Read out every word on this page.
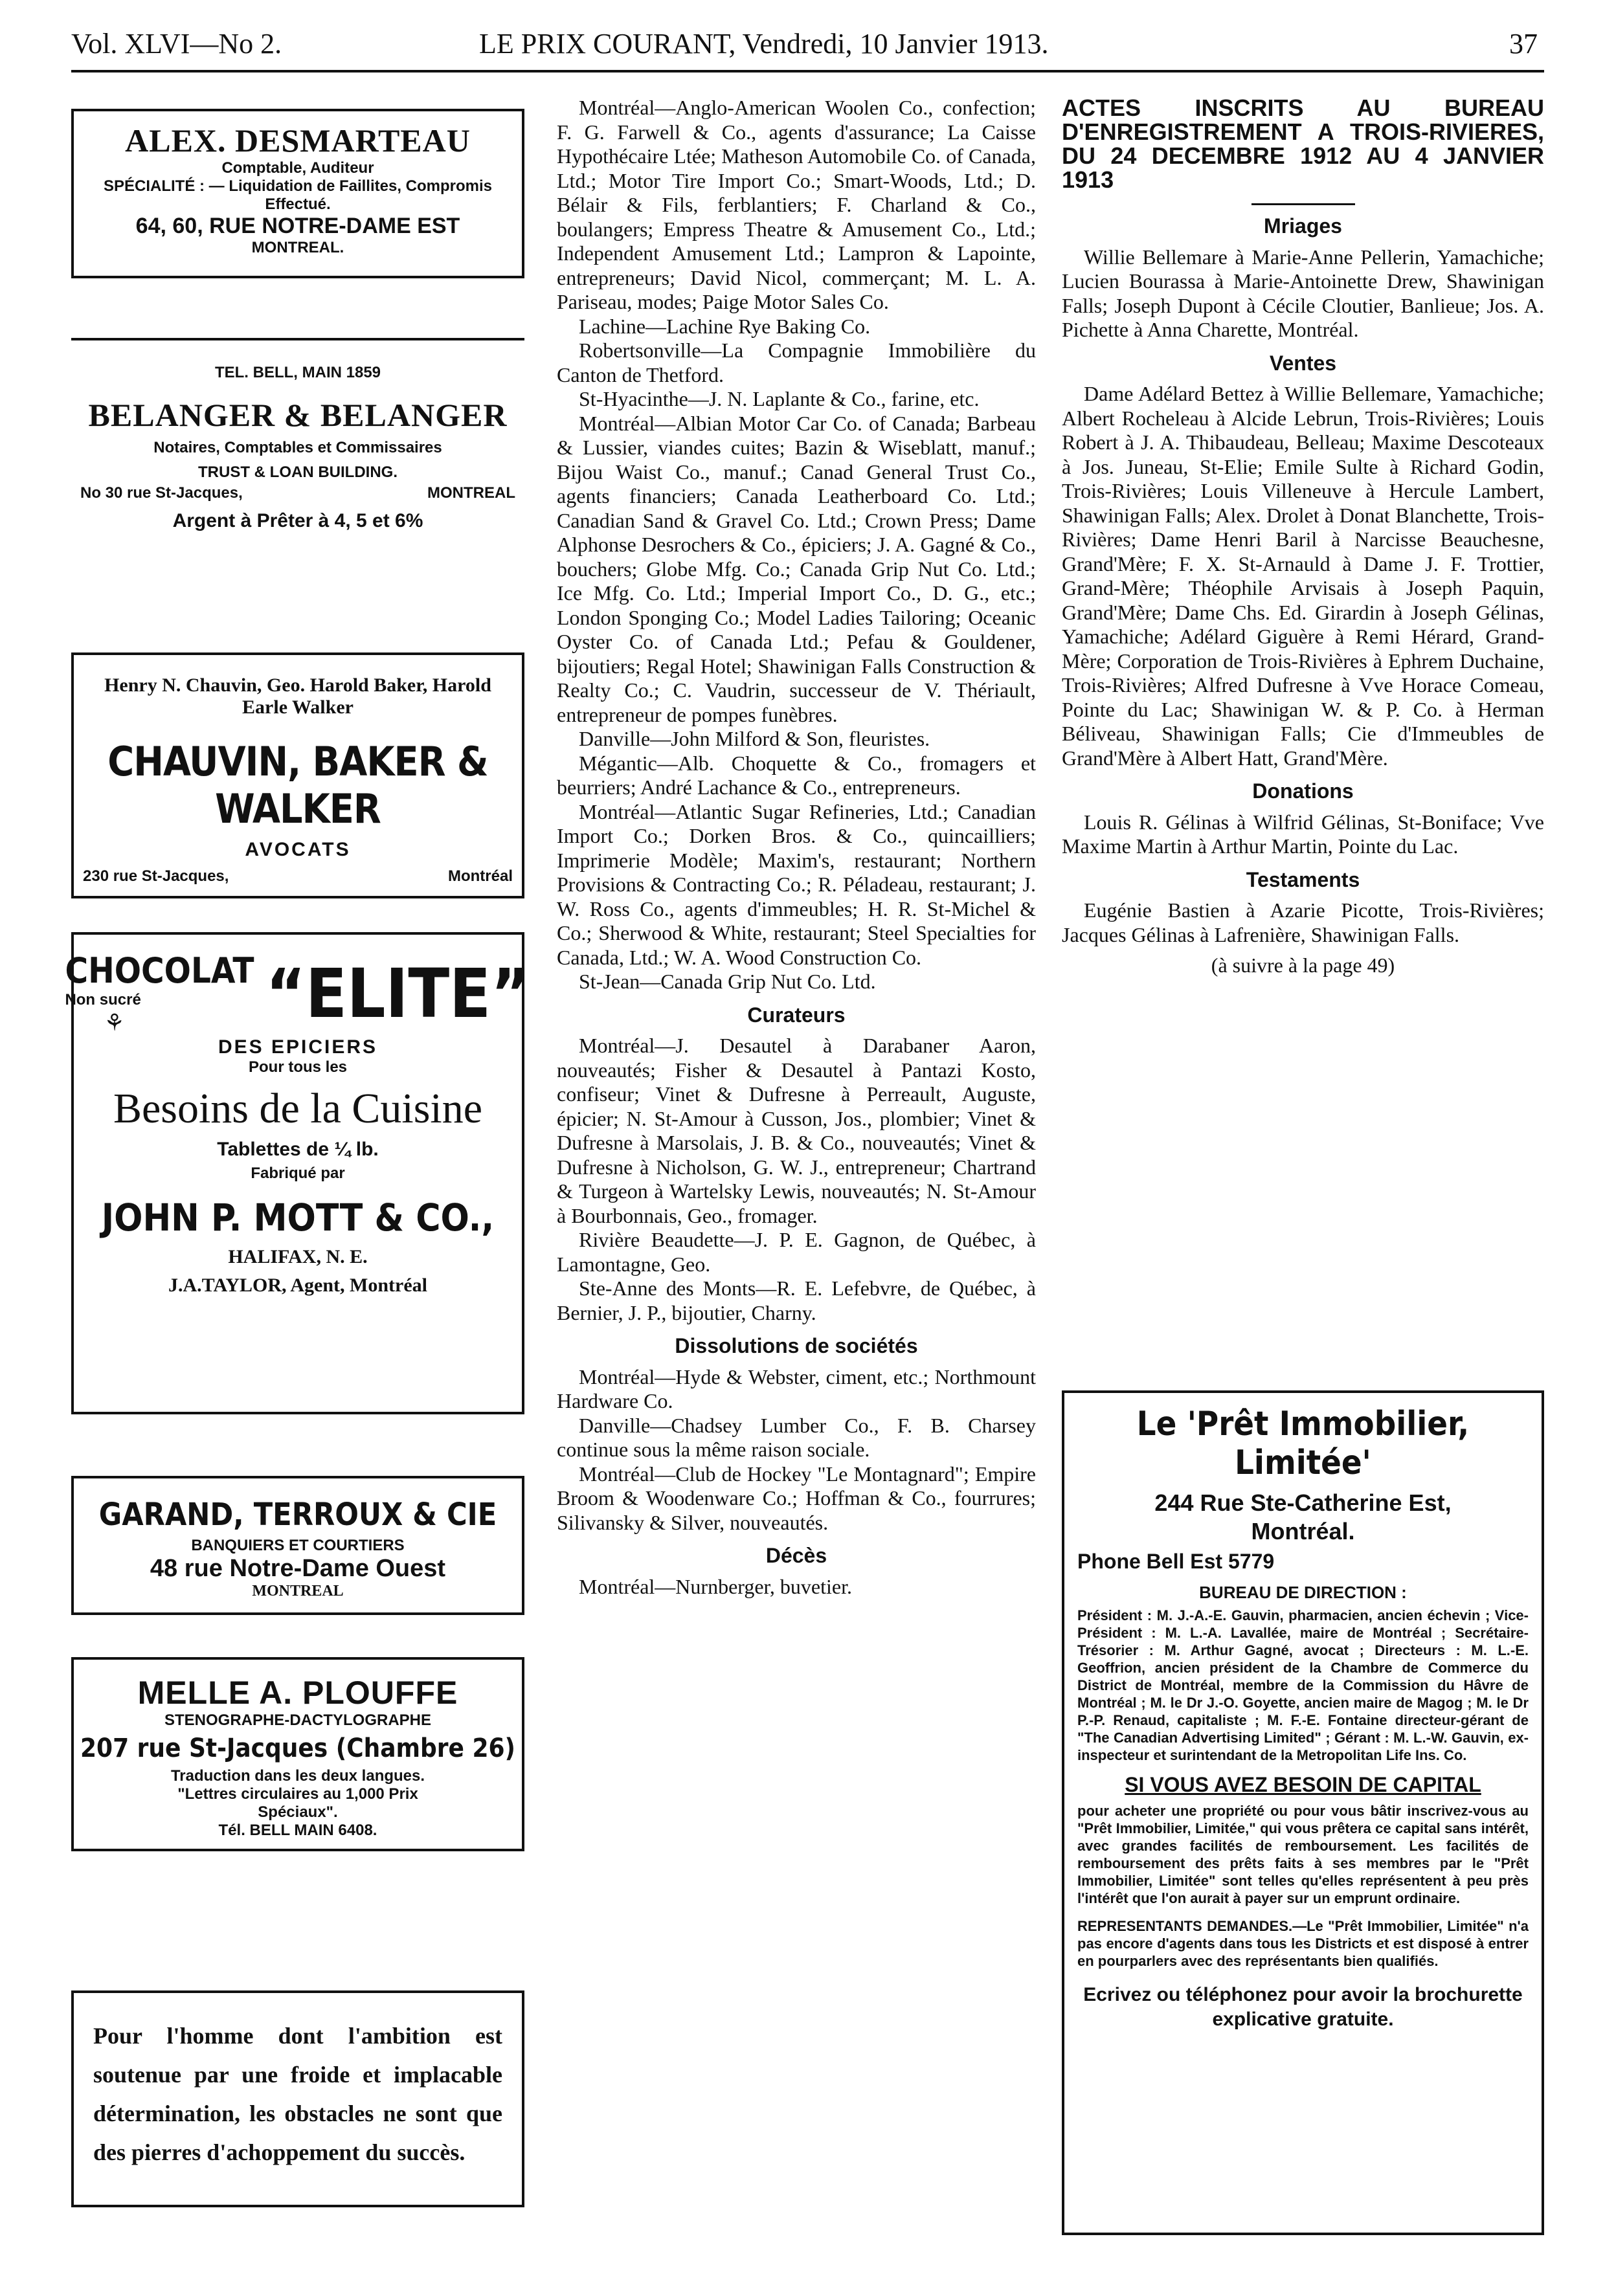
Vol. XLVI—No 2.	LE PRIX COURANT, Vendredi, 10 Janvier 1913.	37

ALEX. DESMARTEAU

Comptable, Auditeur

SPÉCIALITÉ : — Liquidation de Faillites, Compromis Effectué.

64, 60, RUE NOTRE-DAME EST

MONTREAL.

TEL. BELL, MAIN 1859

BELANGER & BELANGER

Notaires, Comptables et Commissaires

TRUST & LOAN BUILDING.

No 30 rue St-Jacques,	MONTREAL

Argent à Prêter à 4, 5 et 6%

Henry N. Chauvin, Geo. Harold Baker, Harold Earle Walker

CHAUVIN, BAKER & WALKER

AVOCATS

230 rue St-Jacques,	Montréal

CHOCOLAT

Non sucré

⚘	“ELITE”

DES EPICIERS

Pour tous les

Besoins de la Cuisine

Tablettes de ¼ lb.

Fabriqué par

JOHN P. MOTT & CO.,

HALIFAX, N. E.

J.A.TAYLOR, Agent, Montréal

GARAND, TERROUX & CIE

BANQUIERS ET COURTIERS

48 rue Notre-Dame Ouest

MONTREAL

MELLE A. PLOUFFE

STENOGRAPHE-DACTYLOGRAPHE

207 rue St-Jacques (Chambre 26)

Traduction dans les deux langues.

"Lettres circulaires au 1,000 Prix Spéciaux".

Tél. BELL MAIN 6408.

Pour l'homme dont l'ambition est soutenue par une froide et implacable détermination, les obstacles ne sont que des pierres d'achoppement du succès.

Montréal—Anglo-American Woolen Co., confection; F. G. Farwell & Co., agents d'assurance; La Caisse Hypothécaire Ltée; Matheson Automobile Co. of Canada, Ltd.; Motor Tire Import Co.; Smart-Woods, Ltd.; D. Bélair & Fils, ferblantiers; F. Charland & Co., boulangers; Empress Theatre & Amusement Co., Ltd.; Independent Amusement Ltd.; Lampron & Lapointe, entrepreneurs; David Nicol, commerçant; M. L. A. Pariseau, modes; Paige Motor Sales Co.

Lachine—Lachine Rye Baking Co.

Robertsonville—La Compagnie Immobilière du Canton de Thetford.

St-Hyacinthe—J. N. Laplante & Co., farine, etc.

Montréal—Albian Motor Car Co. of Canada; Barbeau & Lussier, viandes cuites; Bazin & Wiseblatt, manuf.; Bijou Waist Co., manuf.; Canad General Trust Co., agents financiers; Canada Leatherboard Co. Ltd.; Canadian Sand & Gravel Co. Ltd.; Crown Press; Dame Alphonse Desrochers & Co., épiciers; J. A. Gagné & Co., bouchers; Globe Mfg. Co.; Canada Grip Nut Co. Ltd.; Ice Mfg. Co. Ltd.; Imperial Import Co., D. G., etc.; London Sponging Co.; Model Ladies Tailoring; Oceanic Oyster Co. of Canada Ltd.; Pefau & Gouldener, bijoutiers; Regal Hotel; Shawinigan Falls Construction & Realty Co.; C. Vaudrin, successeur de V. Thériault, entrepreneur de pompes funèbres.

Danville—John Milford & Son, fleuristes.

Mégantic—Alb. Choquette & Co., fromagers et beurriers; André Lachance & Co., entrepreneurs.

Montréal—Atlantic Sugar Refineries, Ltd.; Canadian Import Co.; Dorken Bros. & Co., quincailliers; Imprimerie Modèle; Maxim's, restaurant; Northern Provisions & Contracting Co.; R. Péladeau, restaurant; J. W. Ross Co., agents d'immeubles; H. R. St-Michel & Co.; Sherwood & White, restaurant; Steel Specialties for Canada, Ltd.; W. A. Wood Construction Co.

St-Jean—Canada Grip Nut Co. Ltd.

Curateurs

Montréal—J. Desautel à Darabaner Aaron, nouveautés; Fisher & Desautel à Pantazi Kosto, confiseur; Vinet & Dufresne à Perreault, Auguste, épicier; N. St-Amour à Cusson, Jos., plombier; Vinet & Dufresne à Marsolais, J. B. & Co., nouveautés; Vinet & Dufresne à Nicholson, G. W. J., entrepreneur; Chartrand & Turgeon à Wartelsky Lewis, nouveautés; N. St-Amour à Bourbonnais, Geo., fromager.

Rivière Beaudette—J. P. E. Gagnon, de Québec, à Lamontagne, Geo.

Ste-Anne des Monts—R. E. Lefebvre, de Québec, à Bernier, J. P., bijoutier, Charny.

Dissolutions de sociétés

Montréal—Hyde & Webster, ciment, etc.; Northmount Hardware Co.

Danville—Chadsey Lumber Co., F. B. Charsey continue sous la même raison sociale.

Montréal—Club de Hockey "Le Montagnard"; Empire Broom & Woodenware Co.; Hoffman & Co., fourrures; Silivansky & Silver, nouveautés.

Décès

Montréal—Nurnberger, buvetier.

ACTES INSCRITS AU BUREAU D'ENREGISTREMENT A TROIS-RIVIERES, DU 24 DECEMBRE 1912 AU 4 JANVIER 1913
Mriages

Willie Bellemare à Marie-Anne Pellerin, Yamachiche; Lucien Bourassa à Marie-Antoinette Drew, Shawinigan Falls; Joseph Dupont à Cécile Cloutier, Banlieue; Jos. A. Pichette à Anna Charette, Montréal.

Ventes

Dame Adélard Bettez à Willie Bellemare, Yamachiche; Albert Rocheleau à Alcide Lebrun, Trois-Rivières; Louis Robert à J. A. Thibaudeau, Belleau; Maxime Descoteaux à Jos. Juneau, St-Elie; Emile Sulte à Richard Godin, Trois-Rivières; Louis Villeneuve à Hercule Lambert, Shawinigan Falls; Alex. Drolet à Donat Blanchette, Trois-Rivières; Dame Henri Baril à Narcisse Beauchesne, Grand'Mère; F. X. St-Arnauld à Dame J. F. Trottier, Grand-Mère; Théophile Arvisais à Joseph Paquin, Grand'Mère; Dame Chs. Ed. Girardin à Joseph Gélinas, Yamachiche; Adélard Giguère à Remi Hérard, Grand-Mère; Corporation de Trois-Rivières à Ephrem Duchaine, Trois-Rivières; Alfred Dufresne à Vve Horace Comeau, Pointe du Lac; Shawinigan W. & P. Co. à Herman Béliveau, Shawinigan Falls; Cie d'Immeubles de Grand'Mère à Albert Hatt, Grand'Mère.

Donations

Louis R. Gélinas à Wilfrid Gélinas, St-Boniface; Vve Maxime Martin à Arthur Martin, Pointe du Lac.

Testaments

Eugénie Bastien à Azarie Picotte, Trois-Rivières; Jacques Gélinas à Lafrenière, Shawinigan Falls.

(à suivre à la page 49)
Le 'Prêt Immobilier, Limitée'
244 Rue Ste-Catherine Est,
Montréal.
Phone Bell Est 5779
BUREAU DE DIRECTION :
Président : M. J.-A.-E. Gauvin, pharmacien, ancien échevin ; Vice-Président : M. L.-A. Lavallée, maire de Montréal ; Secrétaire-Trésorier : M. Arthur Gagné, avocat ; Directeurs : M. L.-E. Geoffrion, ancien président de la Chambre de Commerce du District de Montréal, membre de la Commission du Hâvre de Montréal ; M. le Dr J.-O. Goyette, ancien maire de Magog ; M. le Dr P.-P. Renaud, capitaliste ; M. F.-E. Fontaine directeur-gérant de "The Canadian Advertising Limited" ; Gérant : M. L.-W. Gauvin, ex-inspecteur et surintendant de la Metropolitan Life Ins. Co.
SI VOUS AVEZ BESOIN DE CAPITAL
pour acheter une propriété ou pour vous bâtir inscrivez-vous au "Prêt Immobilier, Limitée," qui vous prêtera ce capital sans intérêt, avec grandes facilités de remboursement. Les facilités de remboursement des prêts faits à ses membres par le "Prêt Immobilier, Limitée" sont telles qu'elles représentent à peu près l'intérêt que l'on aurait à payer sur un emprunt ordinaire.
REPRESENTANTS DEMANDES.—Le "Prêt Immobilier, Limitée" n'a pas encore d'agents dans tous les Districts et est disposé à entrer en pourparlers avec des représentants bien qualifiés.
Ecrivez ou téléphonez pour avoir la brochurette explicative gratuite.
